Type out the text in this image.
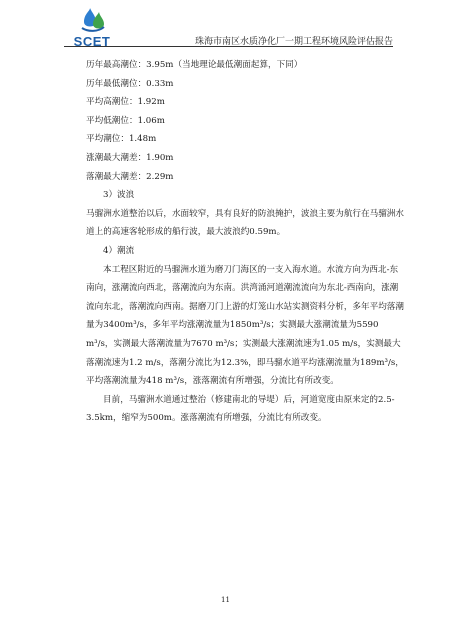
SCET	珠海市南区水质净化厂一期工程环境风险评估报告

历年最高潮位：3.95m（当地理论最低潮面起算，下同）

历年最低潮位：0.33m

平均高潮位：1.92m

平均低潮位：1.06m

平均潮位：1.48m

涨潮最大潮差：1.90m

落潮最大潮差：2.29m

3）波浪

马骝洲水道整治以后，水面较窄，具有良好的防浪掩护，波浪主要为航行在马骝洲水道上的高速客轮形成的船行波，最大波浪约0.59m。

4）潮流

本工程区附近的马骝洲水道为磨刀门海区的一支入海水道。水流方向为西北-东南向，涨潮流向西北，落潮流向为东南。洪湾涌河道潮流流向为东北-西南向，涨潮流向东北，落潮流向西南。据磨刀门上游的灯笼山水站实测资料分析，多年平均落潮量为3400m³/s，多年平均涨潮流量为1850m³/s；实测最大涨潮流量为5590 m³/s，实测最大落潮流量为7670 m³/s；实测最大涨潮流速为1.05 m/s，实测最大落潮流速为1.2 m/s，落潮分流比为12.3%，即马骝水道平均涨潮流量为189m³/s，平均落潮流量为418 m³/s，涨落潮流有所增强，分流比有所改变。

目前，马骝洲水道通过整治（修建南北的导堤）后，河道宽度由原来定的2.5-3.5km，缩窄为500m。涨落潮流有所增强，分流比有所改变。

11
